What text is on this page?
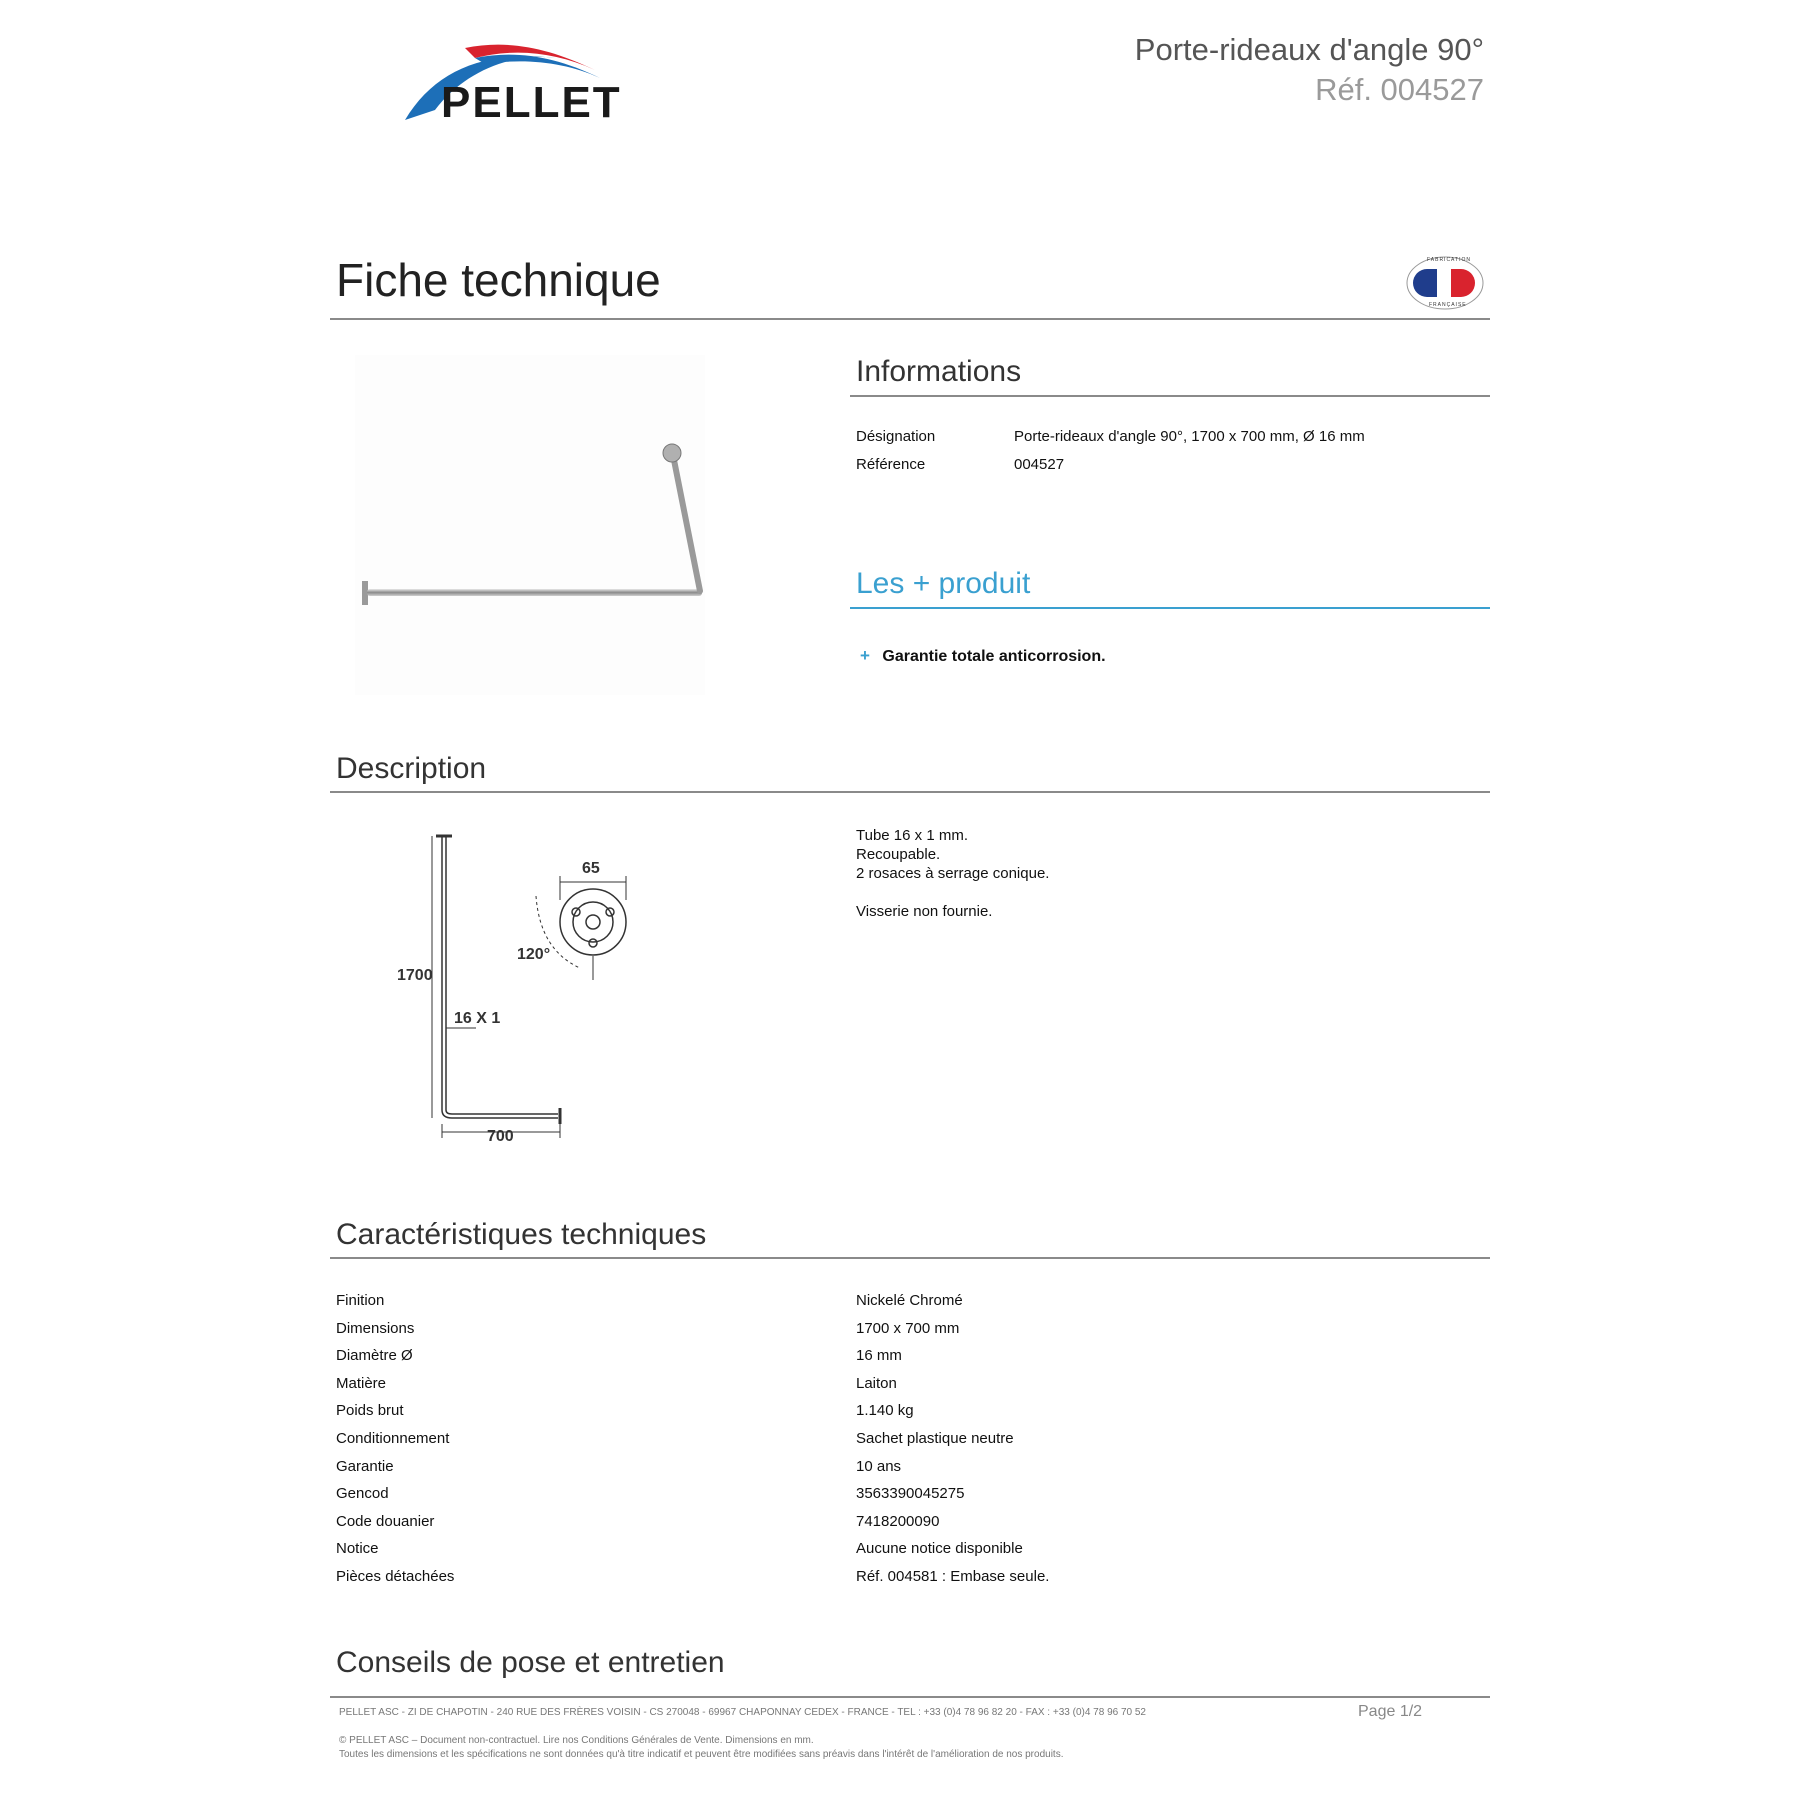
PELLET
Porte-rideaux d'angle 90°
Réf. 004527
Fiche technique	FABRICATION
FRANÇAISE
Informations
Désignation	Porte-rideaux d'angle 90°, 1700 x 700 mm, Ø 16 mm
Référence	004527
Les + produit
+ Garantie totale anticorrosion.
Description
1700
16 X 1
700
65
120°
Tube 16 x 1 mm.
Recoupable.
2 rosaces à serrage conique.
Visserie non fournie.
Caractéristiques techniques
Finition	Nickelé Chromé
Dimensions	1700 x 700 mm
Diamètre Ø	16 mm
Matière	Laiton
Poids brut	1.140 kg
Conditionnement	Sachet plastique neutre
Garantie	10 ans
Gencod	3563390045275
Code douanier	7418200090
Notice	Aucune notice disponible
Pièces détachées	Réf. 004581 : Embase seule.
Conseils de pose et entretien
PELLET ASC - ZI DE CHAPOTIN - 240 RUE DES FRÈRES VOISIN - CS 270048 - 69967 CHAPONNAY CEDEX - FRANCE - TEL : +33 (0)4 78 96 82 20 - FAX : +33 (0)4 78 96 70 52	Page 1/2
© PELLET ASC – Document non-contractuel. Lire nos Conditions Générales de Vente. Dimensions en mm.
Toutes les dimensions et les spécifications ne sont données qu'à titre indicatif et peuvent être modifiées sans préavis dans l'intérêt de l'amélioration de nos produits.
